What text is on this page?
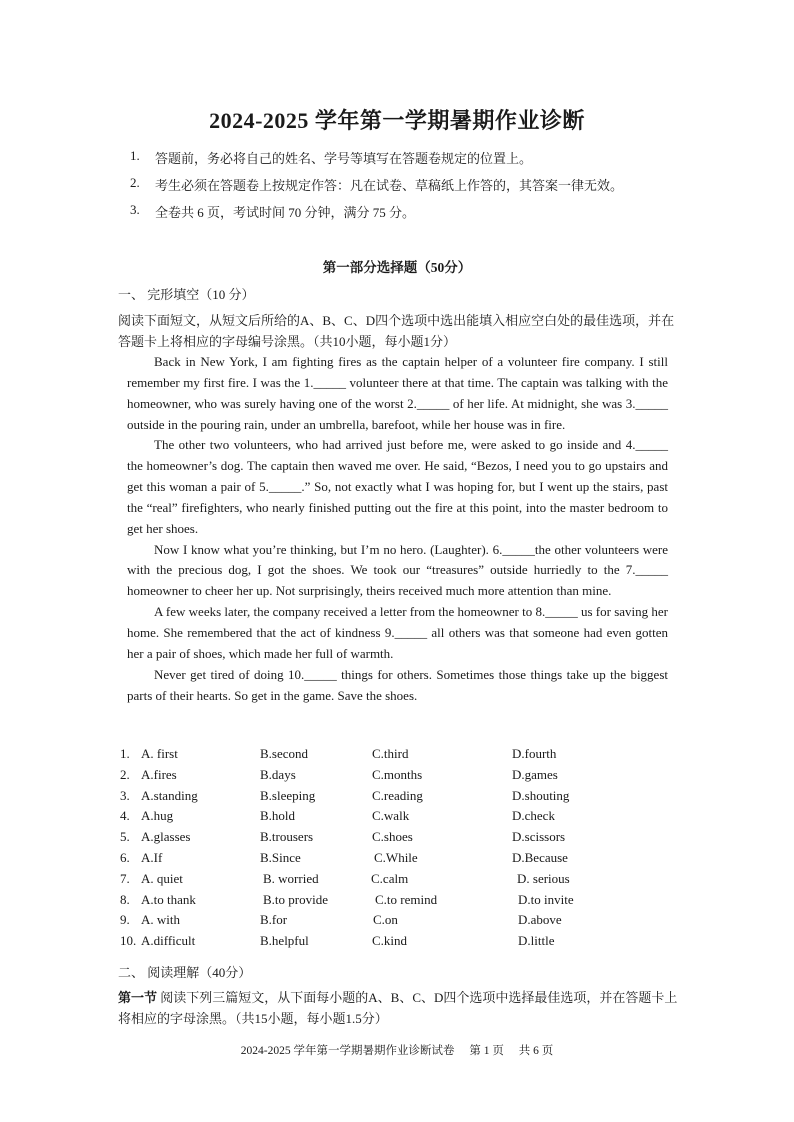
2024-2025 学年第一学期暑期作业诊断
1.	答题前，务必将自己的姓名、学号等填写在答题卷规定的位置上。
2.	考生必须在答题卷上按规定作答：凡在试卷、草稿纸上作答的，其答案一律无效。
3.	全卷共 6 页，考试时间 70 分钟，满分 75 分。
第一部分选择题（50分）
一、 完形填空（10 分）
阅读下面短文，从短文后所给的A、B、C、D四个选项中选出能填入相应空白处的最佳选项，并在答题卡上将相应的字母编号涂黑。（共10小题，每小题1分）

Back in New York, I am fighting fires as the captain helper of a volunteer fire company. I still remember my first fire. I was the 1._____ volunteer there at that time. The captain was talking with the homeowner, who was surely having one of the worst 2._____ of her life. At midnight, she was 3._____ outside in the pouring rain, under an umbrella, barefoot, while her house was in fire.

The other two volunteers, who had arrived just before me, were asked to go inside and 4._____ the homeowner’s dog. The captain then waved me over. He said, “Bezos, I need you to go upstairs and get this woman a pair of 5._____.” So, not exactly what I was hoping for, but I went up the stairs, past the “real” firefighters, who nearly finished putting out the fire at this point, into the master bedroom to get her shoes.

Now I know what you’re thinking, but I’m no hero. (Laughter). 6._____the other volunteers were with the precious dog, I got the shoes. We took our “treasures” outside hurriedly to the 7._____ homeowner to cheer her up. Not surprisingly, theirs received much more attention than mine.

A few weeks later, the company received a letter from the homeowner to 8._____ us for saving her home. She remembered that the act of kindness 9._____ all others was that someone had even gotten her a pair of shoes, which made her full of warmth.

Never get tired of doing 10._____ things for others. Sometimes those things take up the biggest parts of their hearts. So get in the game. Save the shoes.

1. A. first	B.second	C.third	D.fourth
2. A.fires	B.days	C.months	D.games
3. A.standing	B.sleeping	C.reading	D.shouting
4. A.hug	B.hold	C.walk	D.check
5. A.glasses	B.trousers	C.shoes	D.scissors
6. A.If	B.Since	C.While	D.Because
7. A. quiet	B. worried	C.calm	D. serious
8. A.to thank	B.to provide	C.to remind	D.to invite
9. A. with	B.for	C.on	D.above
10. A.difficult	B.helpful	C.kind	D.little
二、 阅读理解（40分）
第一节 阅读下列三篇短文，从下面每小题的A、B、C、D四个选项中选择最佳选项，并在答题卡上将相应的字母涂黑。（共15小题，每小题1.5分）
2024-2025 学年第一学期暑期作业诊断试卷 第 1 页 共 6 页
